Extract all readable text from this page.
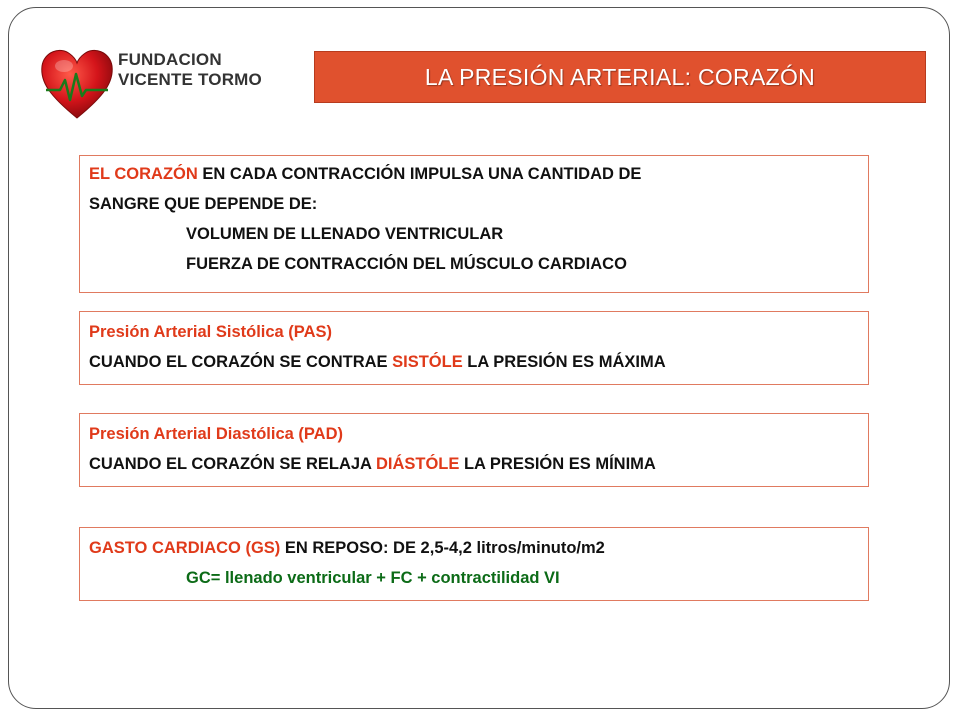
FUNDACION
VICENTE TORMO	LA PRESIÓN ARTERIAL: CORAZÓN
EL CORAZÓN EN CADA CONTRACCIÓN IMPULSA UNA CANTIDAD DE
SANGRE QUE DEPENDE DE:
VOLUMEN DE LLENADO VENTRICULAR
FUERZA DE CONTRACCIÓN DEL MÚSCULO CARDIACO
Presión Arterial Sistólica (PAS)
CUANDO EL CORAZÓN SE CONTRAE SISTÓLE LA PRESIÓN ES MÁXIMA
Presión Arterial Diastólica (PAD)
CUANDO EL CORAZÓN SE RELAJA DIÁSTÓLE LA PRESIÓN ES MÍNIMA
GASTO CARDIACO (GS) EN REPOSO: DE 2,5-4,2 litros/minuto/m2
GC= llenado ventricular + FC + contractilidad VI
